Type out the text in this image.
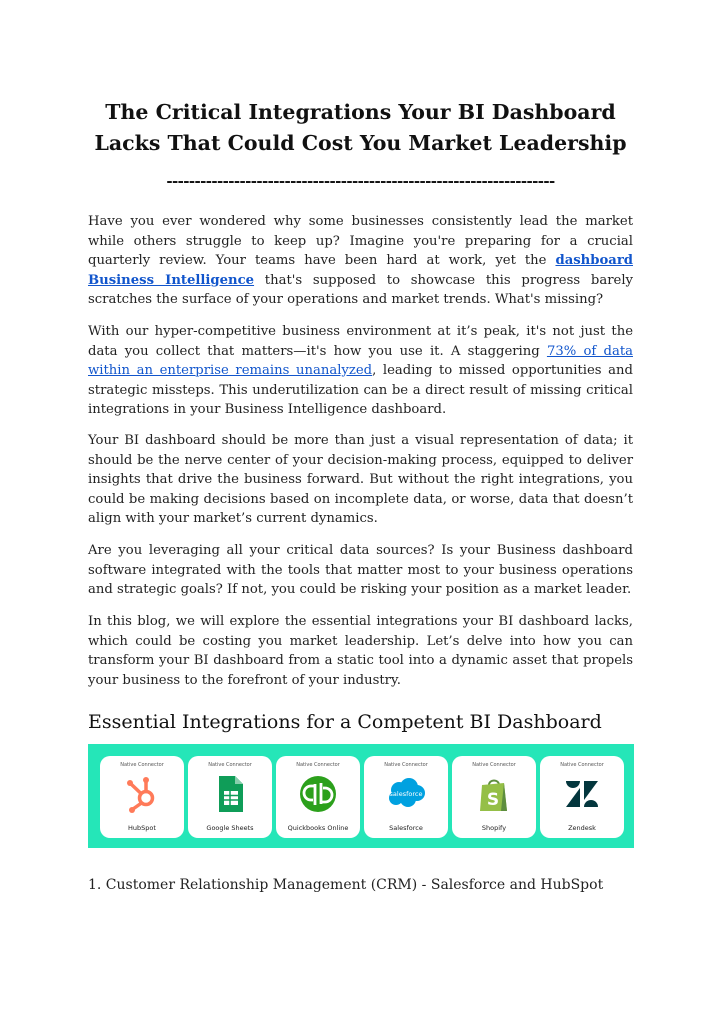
The Critical Integrations Your BI Dashboard Lacks That Could Cost You Market Leadership
---------------------------------------------------------------------

Have you ever wondered why some businesses consistently lead the market while others struggle to keep up? Imagine you're preparing for a crucial quarterly review. Your teams have been hard at work, yet the dashboard Business Intelligence that's supposed to showcase this progress barely scratches the surface of your operations and market trends. What's missing?

With our hyper-competitive business environment at it’s peak, it's not just the data you collect that matters—it's how you use it. A staggering 73% of data within an enterprise remains unanalyzed, leading to missed opportunities and strategic missteps. This underutilization can be a direct result of missing critical integrations in your Business Intelligence dashboard.

Your BI dashboard should be more than just a visual representation of data; it should be the nerve center of your decision-making process, equipped to deliver insights that drive the business forward. But without the right integrations, you could be making decisions based on incomplete data, or worse, data that doesn’t align with your market’s current dynamics.

Are you leveraging all your critical data sources? Is your Business dashboard software integrated with the tools that matter most to your business operations and strategic goals? If not, you could be risking your position as a market leader.

In this blog, we will explore the essential integrations your BI dashboard lacks, which could be costing you market leadership. Let’s delve into how you can transform your BI dashboard from a static tool into a dynamic asset that propels your business to the forefront of your industry.

Essential Integrations for a Competent BI Dashboard
Native Connector
HubSpot
Native Connector
Google Sheets
Native Connector
Quickbooks Online
Native Connector
salesforce
Salesforce
Native Connector
S
Shopify
Native Connector
Zendesk

1. Customer Relationship Management (CRM) - Salesforce and HubSpot
